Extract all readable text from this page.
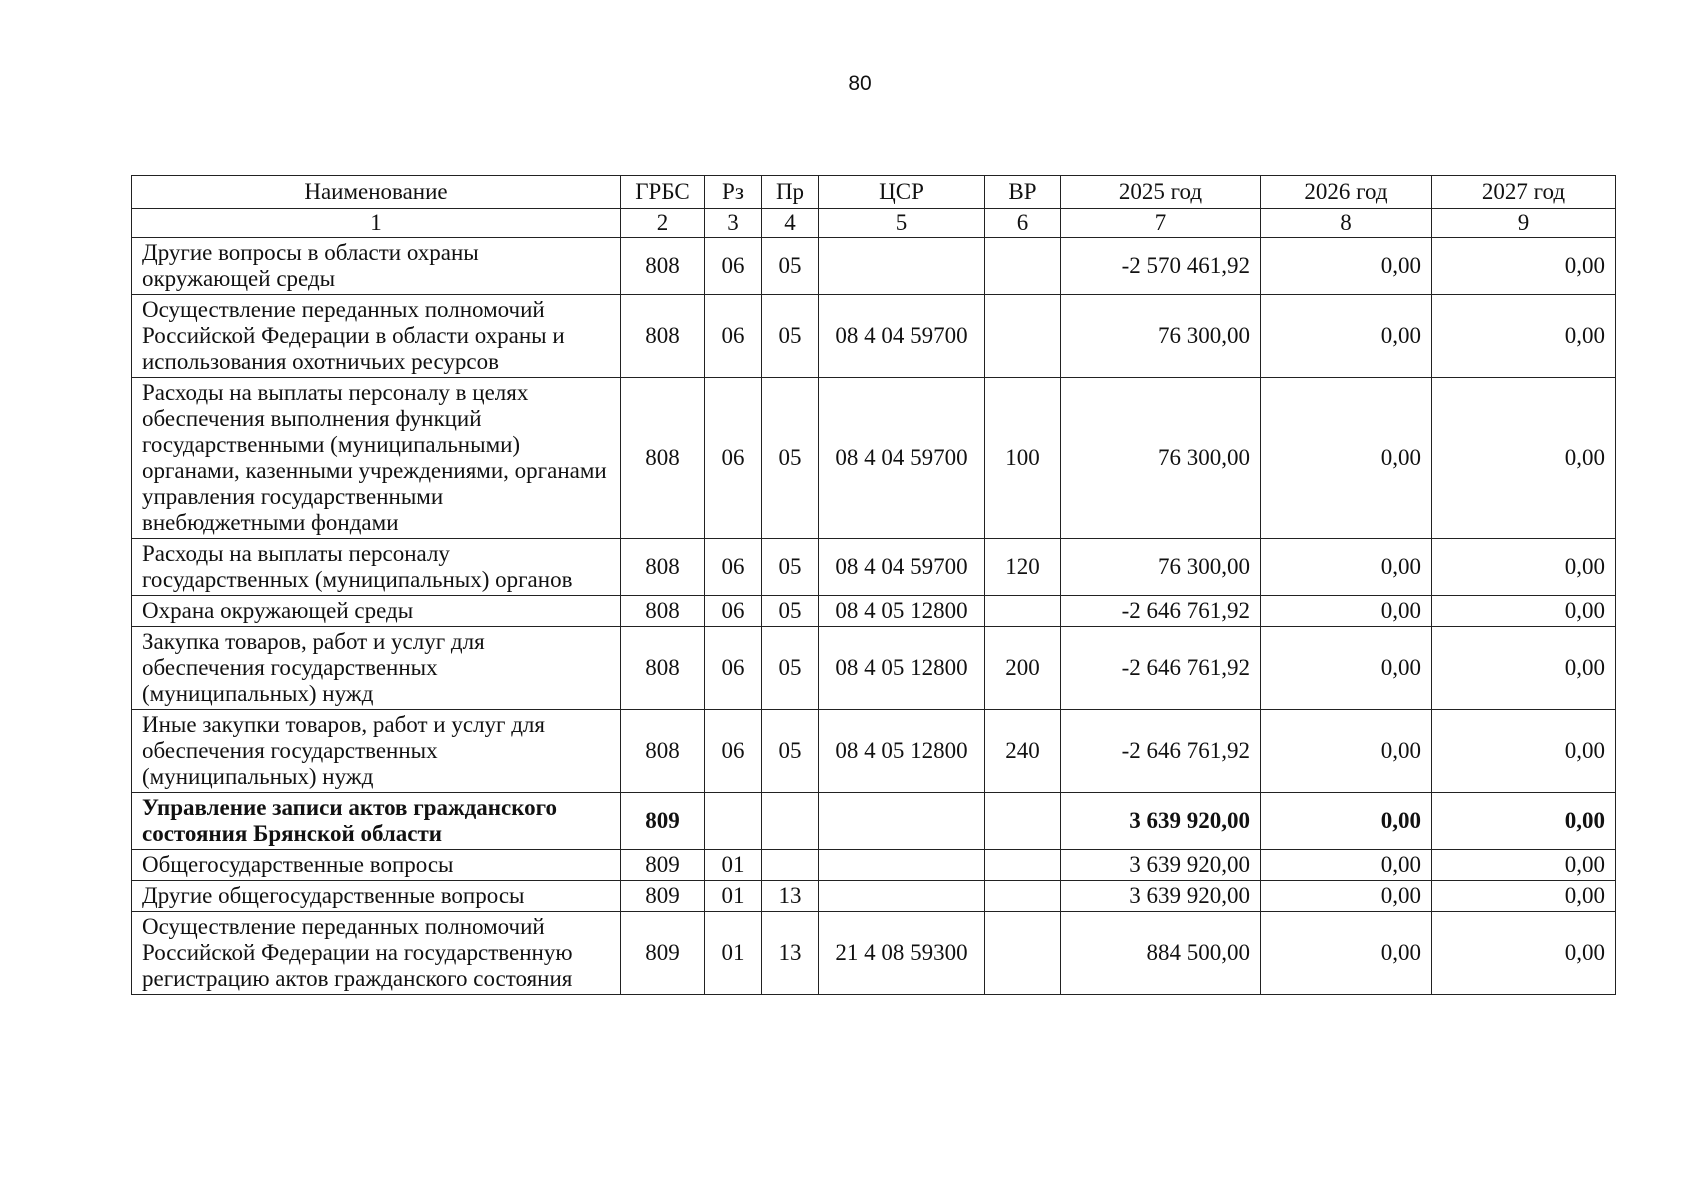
80
Наименование	ГРБС	Рз	Пр	ЦСР	ВР	2025 год	2026 год	2027 год
1	2	3	4	5	6	7	8	9
Другие вопросы в области охраны окружающей среды	808	06	05			-2 570 461,92	0,00	0,00
Осуществление переданных полномочий Российской Федерации в области охраны и использования охотничьих ресурсов	808	06	05	08 4 04 59700		76 300,00	0,00	0,00
Расходы на выплаты персоналу в целях обеспечения выполнения функций государственными (муниципальными) органами, казенными учреждениями, органами управления государственными внебюджетными фондами	808	06	05	08 4 04 59700	100	76 300,00	0,00	0,00
Расходы на выплаты персоналу государственных (муниципальных) органов	808	06	05	08 4 04 59700	120	76 300,00	0,00	0,00
Охрана окружающей среды	808	06	05	08 4 05 12800		-2 646 761,92	0,00	0,00
Закупка товаров, работ и услуг для обеспечения государственных (муниципальных) нужд	808	06	05	08 4 05 12800	200	-2 646 761,92	0,00	0,00
Иные закупки товаров, работ и услуг для обеспечения государственных (муниципальных) нужд	808	06	05	08 4 05 12800	240	-2 646 761,92	0,00	0,00
Управление записи актов гражданского состояния Брянской области	809					3 639 920,00	0,00	0,00
Общегосударственные вопросы	809	01				3 639 920,00	0,00	0,00
Другие общегосударственные вопросы	809	01	13			3 639 920,00	0,00	0,00
Осуществление переданных полномочий Российской Федерации на государственную регистрацию актов гражданского состояния	809	01	13	21 4 08 59300		884 500,00	0,00	0,00
